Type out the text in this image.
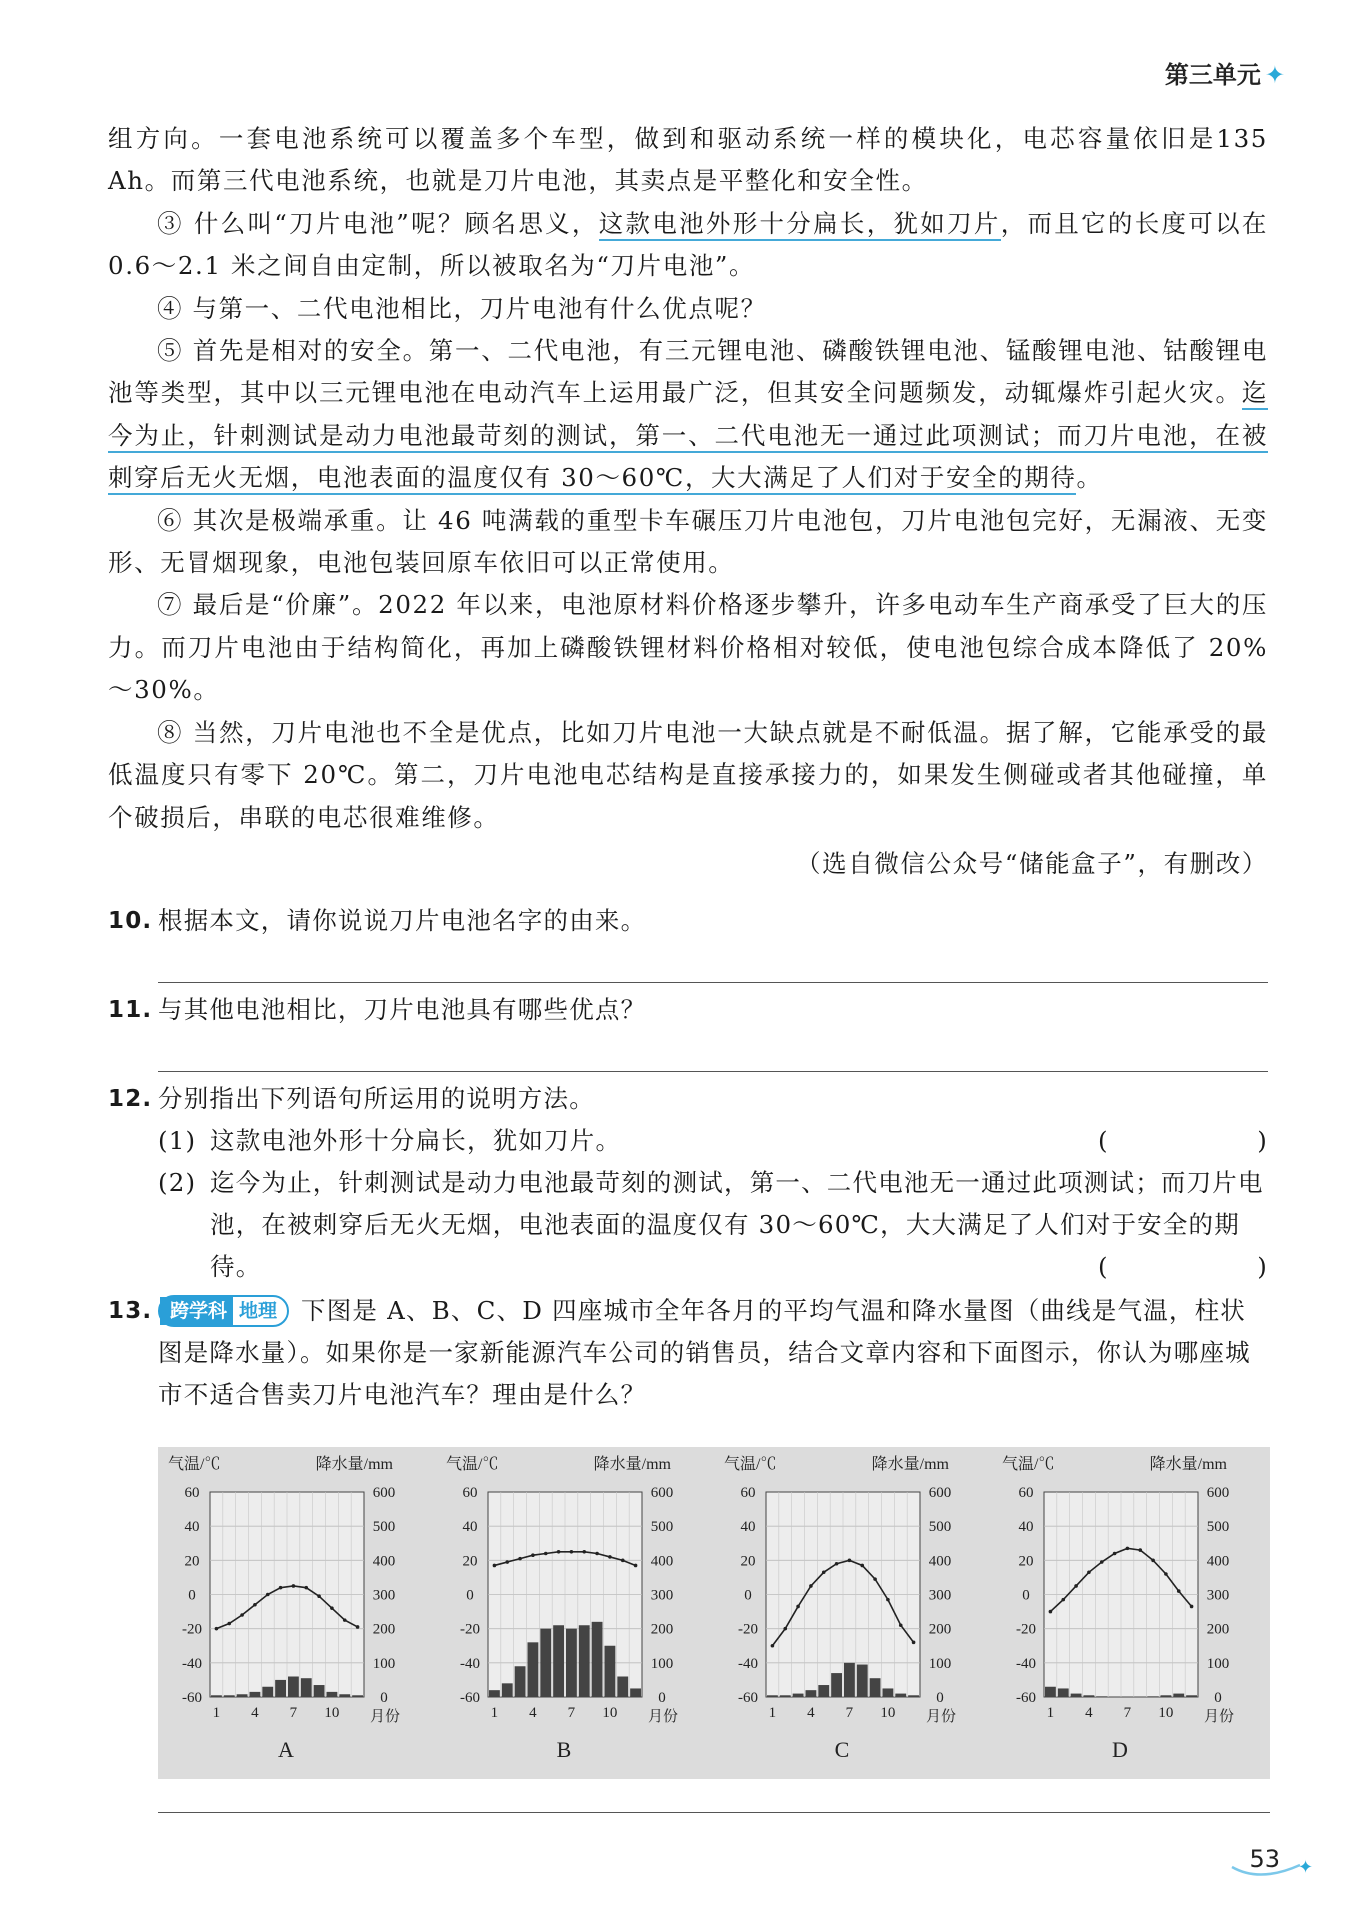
第三单元 ✦

组方向。一套电池系统可以覆盖多个车型，做到和驱动系统一样的模块化，电芯容量依旧是135 Ah。而第三代电池系统，也就是刀片电池，其卖点是平整化和安全性。

③ 什么叫“刀片电池”呢？顾名思义，这款电池外形十分扁长，犹如刀片，而且它的长度可以在 0.6～2.1 米之间自由定制，所以被取名为“刀片电池”。

④ 与第一、二代电池相比，刀片电池有什么优点呢？

⑤ 首先是相对的安全。第一、二代电池，有三元锂电池、磷酸铁锂电池、锰酸锂电池、钴酸锂电池等类型，其中以三元锂电池在电动汽车上运用最广泛，但其安全问题频发，动辄爆炸引起火灾。迄今为止，针刺测试是动力电池最苛刻的测试，第一、二代电池无一通过此项测试；而刀片电池，在被刺穿后无火无烟，电池表面的温度仅有 30～60℃，大大满足了人们对于安全的期待。

⑥ 其次是极端承重。让 46 吨满载的重型卡车碾压刀片电池包，刀片电池包完好，无漏液、无变形、无冒烟现象，电池包装回原车依旧可以正常使用。

⑦ 最后是“价廉”。2022 年以来，电池原材料价格逐步攀升，许多电动车生产商承受了巨大的压力。而刀片电池由于结构简化，再加上磷酸铁锂材料价格相对较低，使电池包综合成本降低了 20%～30%。

⑧ 当然，刀片电池也不全是优点，比如刀片电池一大缺点就是不耐低温。据了解，它能承受的最低温度只有零下 20℃。第二，刀片电池电芯结构是直接承接力的，如果发生侧碰或者其他碰撞，单个破损后，串联的电芯很难维修。

（选自微信公众号“储能盒子”，有删改）

10. 根据本文，请你说说刀片电池名字的由来。
11. 与其他电池相比，刀片电池具有哪些优点？
12. 分别指出下列语句所运用的说明方法。
(1) 这款电池外形十分扁长，犹如刀片。	(	)
(2) 迄今为止，针刺测试是动力电池最苛刻的测试，第一、二代电池无一通过此项测试；而刀片电池，在被刺穿后无火无烟，电池表面的温度仅有 30～60℃，大大满足了人们对于安全的期待。	(	)
13. 跨学科 地理 下图是 A、B、C、D 四座城市全年各月的平均气温和降水量图（曲线是气温，柱状图是降水量）。如果你是一家新能源汽车公司的销售员，结合文章内容和下面图示，你认为哪座城市不适合售卖刀片电池汽车？理由是什么？
气温/℃	降水量/mm
60
40
20
0
-20
-40
-60
600
500
400
300
200
100
0
1 4 7 10 月份
A
气温/℃	降水量/mm
60
40
20
0
-20
-40
-60
600
500
400
300
200
100
0
1 4 7 10 月份
B
气温/℃	降水量/mm
60
40
20
0
-20
-40
-60
600
500
400
300
200
100
0
1 4 7 10 月份
C
气温/℃	降水量/mm
60
40
20
0
-20
-40
-60
600
500
400
300
200
100
0
1 4 7 10 月份
D
53 ✦
